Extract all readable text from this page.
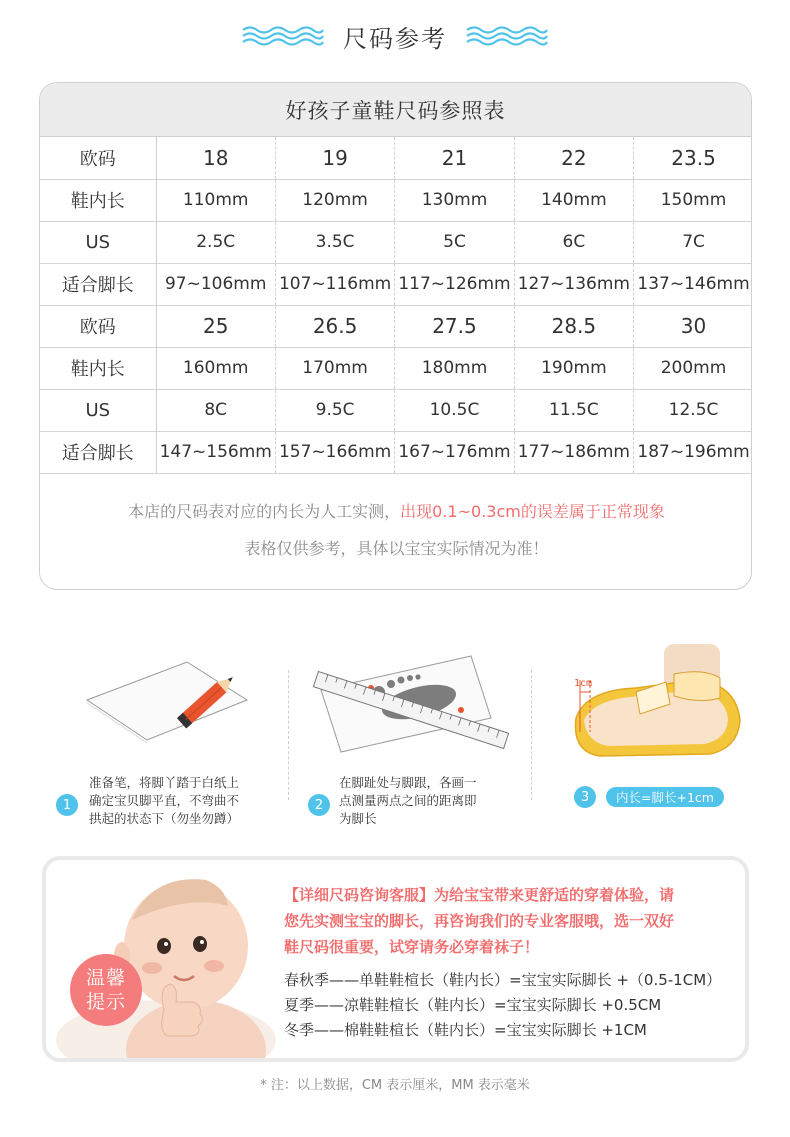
尺码参考
好孩子童鞋尺码参照表
欧码	18	19	21	22	23.5
鞋内长	110mm	120mm	130mm	140mm	150mm
US	2.5C	3.5C	5C	6C	7C
适合脚长	97~106mm	107~116mm	117~126mm	127~136mm	137~146mm
欧码	25	26.5	27.5	28.5	30
鞋内长	160mm	170mm	180mm	190mm	200mm
US	8C	9.5C	10.5C	11.5C	12.5C
适合脚长	147~156mm	157~166mm	167~176mm	177~186mm	187~196mm
本店的尺码表对应的内长为人工实测，出现0.1~0.3cm的误差属于正常现象
表格仅供参考，具体以宝宝实际情况为准！
1
准备笔，将脚丫踏于白纸上
确定宝贝脚平直，不弯曲不
拱起的状态下（勿坐勿蹲）
2
在脚趾处与脚跟，各画一
点测量两点之间的距离即
为脚长
1cm
3	内长=脚长+1cm
温馨
提示
【详细尺码咨询客服】为给宝宝带来更舒适的穿着体验，请
您先实测宝宝的脚长，再咨询我们的专业客服哦，选一双好
鞋尺码很重要，试穿请务必穿着袜子！
春秋季——单鞋鞋楦长（鞋内长）=宝宝实际脚长 +（0.5-1CM）
夏季——凉鞋鞋楦长（鞋内长）=宝宝实际脚长 +0.5CM
冬季——棉鞋鞋楦长（鞋内长）=宝宝实际脚长 +1CM
* 注：以上数据，CM 表示厘米，MM 表示毫米
